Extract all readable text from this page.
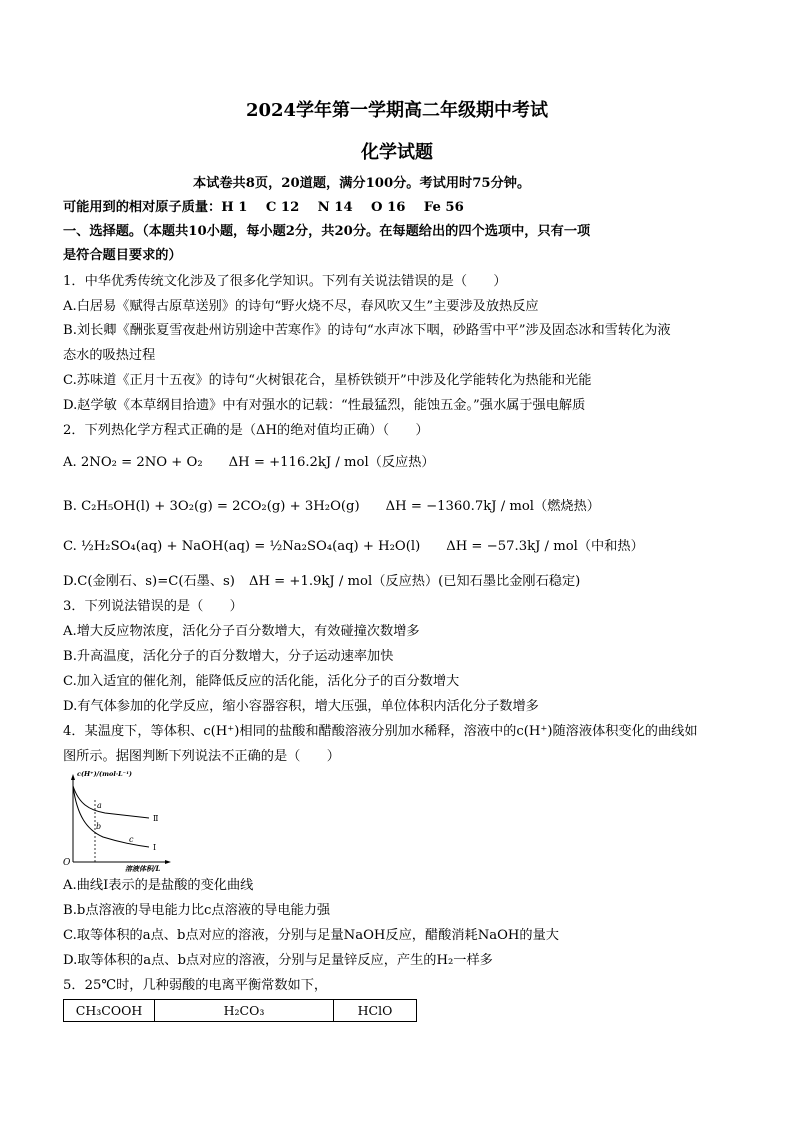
2024学年第一学期高二年级期中考试
化学试题
本试卷共8页，20道题，满分100分。考试用时75分钟。
可能用到的相对原子质量：H 1    C 12    N 14    O 16    Fe 56
一、选择题。（本题共10小题，每小题2分，共20分。在每题给出的四个选项中，只有一项
是符合题目要求的）
1．中华优秀传统文化涉及了很多化学知识。下列有关说法错误的是（　　）
A.白居易《赋得古原草送别》的诗句“野火烧不尽，春风吹又生”主要涉及放热反应
B.刘长卿《酬张夏雪夜赴州访别途中苦寒作》的诗句“水声冰下咽，砂路雪中平”涉及固态冰和雪转化为液
态水的吸热过程
C.苏味道《正月十五夜》的诗句“火树银花合，星桥铁锁开”中涉及化学能转化为热能和光能
D.赵学敏《本草纲目拾遗》中有对强水的记载：“性最猛烈，能蚀五金。”强水属于强电解质
2．下列热化学方程式正确的是（ΔH的绝对值均正确）（　　）
A. 2NO₂ = 2NO + O₂ ΔH = +116.2kJ / mol（反应热）
B. C₂H₅OH(l) + 3O₂(g) = 2CO₂(g) + 3H₂O(g) ΔH = −1360.7kJ / mol（燃烧热）
C. ½H₂SO₄(aq) + NaOH(aq) = ½Na₂SO₄(aq) + H₂O(l) ΔH = −57.3kJ / mol（中和热）
D.C(金刚石、s)=C(石墨、s) ΔH = +1.9kJ / mol（反应热）(已知石墨比金刚石稳定)
3．下列说法错误的是（　　）
A.增大反应物浓度，活化分子百分数增大，有效碰撞次数增多
B.升高温度，活化分子的百分数增大，分子运动速率加快
C.加入适宜的催化剂，能降低反应的活化能，活化分子的百分数增大
D.有气体参加的化学反应，缩小容器容积，增大压强，单位体积内活化分子数增多
4．某温度下，等体积、c(H⁺)相同的盐酸和醋酸溶液分别加水稀释，溶液中的c(H⁺)随溶液体积变化的曲线如
图所示。据图判断下列说法不正确的是（　　）
c(H⁺)/(mol·L⁻¹)
溶液体积/L
O
Ⅱ
Ⅰ
a
b
c
A.曲线Ⅰ表示的是盐酸的变化曲线
B.b点溶液的导电能力比c点溶液的导电能力强
C.取等体积的a点、b点对应的溶液，分别与足量NaOH反应，醋酸消耗NaOH的量大
D.取等体积的a点、b点对应的溶液，分别与足量锌反应，产生的H₂一样多
5．25℃时，几种弱酸的电离平衡常数如下，
CH₃COOH	H₂CO₃	HClO
